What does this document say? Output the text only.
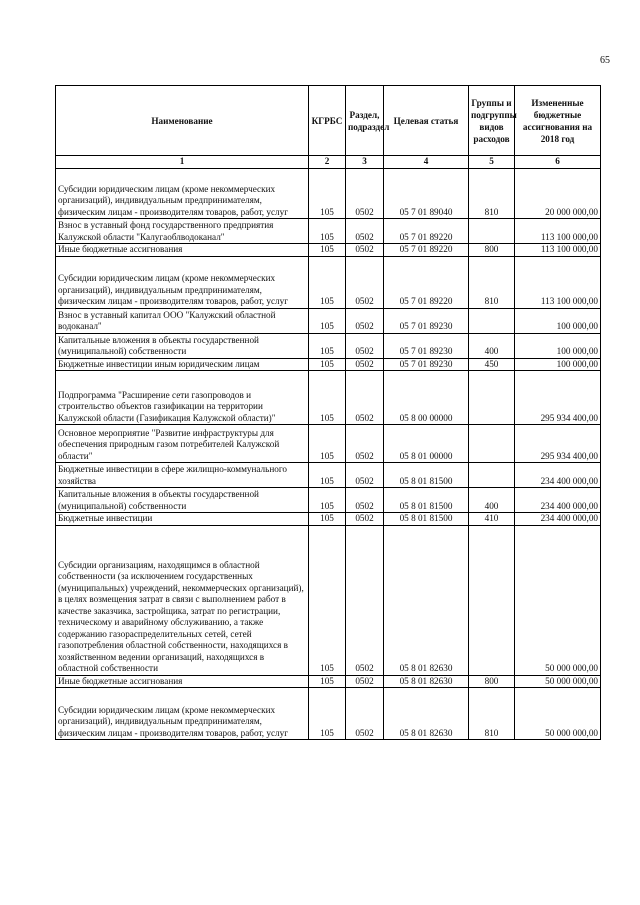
65
Наименование	КГРБС	Раздел, подраздел	Целевая статья	Группы и подгруппы видов расходов	Измененные бюджетные ассигнования на 2018 год
1	2	3	4	5	6
Субсидии юридическим лицам (кроме некоммерческих организаций), индивидуальным предпринимателям, физическим лицам - производителям товаров, работ, услуг	105	0502	05 7 01 89040	810	20 000 000,00
Взнос в уставный фонд государственного предприятия Калужской области "Калугаоблводоканал"	105	0502	05 7 01 89220		113 100 000,00
Иные бюджетные ассигнования	105	0502	05 7 01 89220	800	113 100 000,00
Субсидии юридическим лицам (кроме некоммерческих организаций), индивидуальным предпринимателям, физическим лицам - производителям товаров, работ, услуг	105	0502	05 7 01 89220	810	113 100 000,00
Взнос в уставный капитал ООО "Калужский областной водоканал"	105	0502	05 7 01 89230		100 000,00
Капитальные вложения в объекты государственной (муниципальной) собственности	105	0502	05 7 01 89230	400	100 000,00
Бюджетные инвестиции иным юридическим лицам	105	0502	05 7 01 89230	450	100 000,00
Подпрограмма "Расширение сети газопроводов и строительство объектов газификации на территории Калужской области (Газификация Калужской области)"	105	0502	05 8 00 00000		295 934 400,00
Основное мероприятие "Развитие инфраструктуры для обеспечения природным газом потребителей Калужской области"	105	0502	05 8 01 00000		295 934 400,00
Бюджетные инвестиции в сфере жилищно-коммунального хозяйства	105	0502	05 8 01 81500		234 400 000,00
Капитальные вложения в объекты государственной (муниципальной) собственности	105	0502	05 8 01 81500	400	234 400 000,00
Бюджетные инвестиции	105	0502	05 8 01 81500	410	234 400 000,00
Субсидии организациям, находящимся в областной собственности (за исключением государственных (муниципальных) учреждений, некоммерческих организаций), в целях возмещения затрат в связи с выполнением работ в качестве заказчика, застройщика, затрат по регистрации, техническому и аварийному обслуживанию, а также содержанию газораспределительных сетей, сетей газопотребления областной собственности, находящихся в хозяйственном ведении организаций, находящихся в областной собственности	105	0502	05 8 01 82630		50 000 000,00
Иные бюджетные ассигнования	105	0502	05 8 01 82630	800	50 000 000,00
Субсидии юридическим лицам (кроме некоммерческих организаций), индивидуальным предпринимателям, физическим лицам - производителям товаров, работ, услуг	105	0502	05 8 01 82630	810	50 000 000,00
